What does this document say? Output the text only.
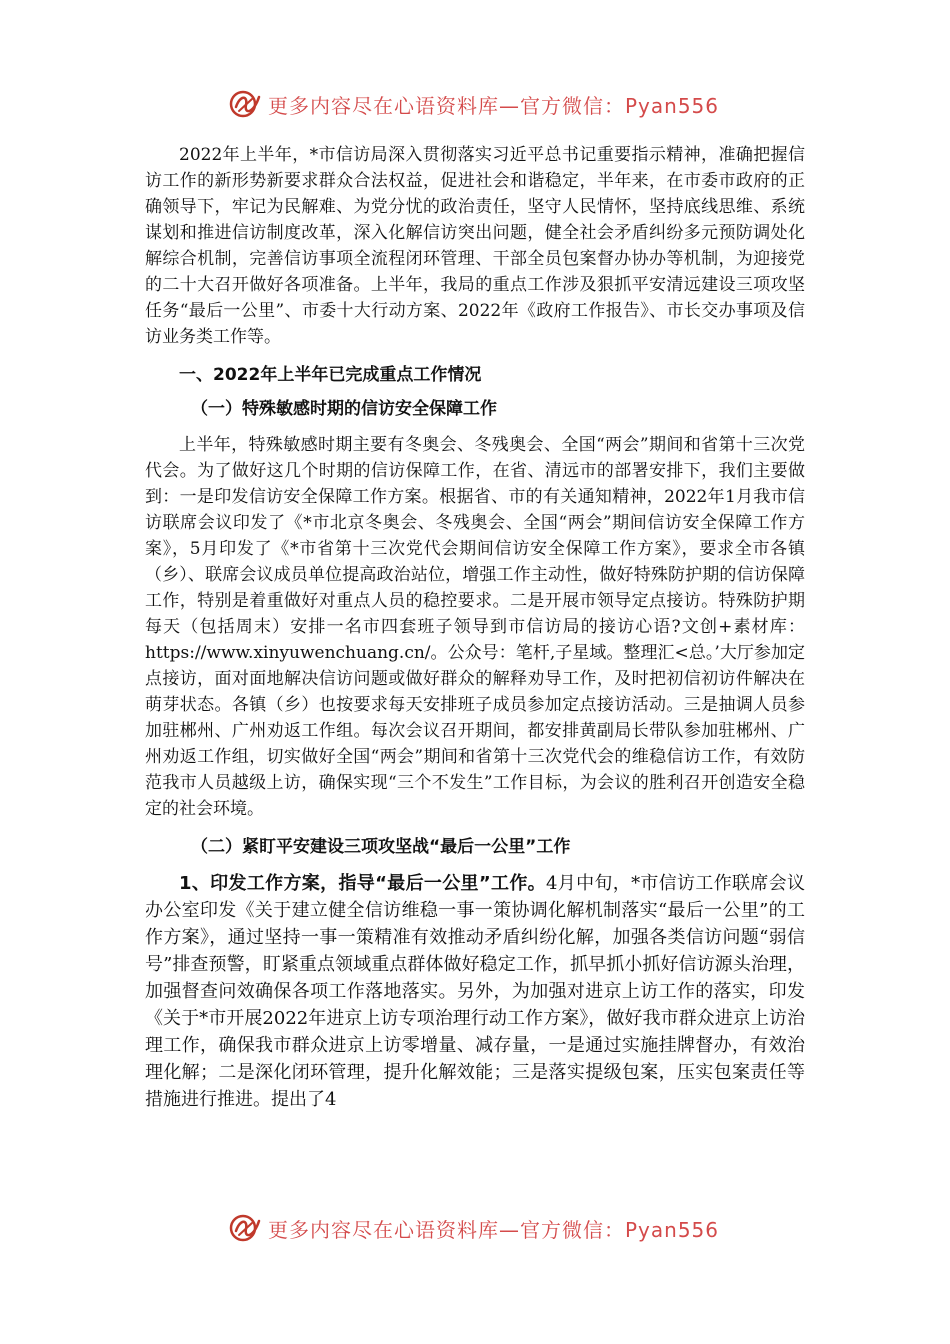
更多内容尽在心语资料库—官方微信：Pyan556

2022年上半年，*市信访局深入贯彻落实习近平总书记重要指示精神，准确把握信访工作的新形势新要求群众合法权益，促进社会和谐稳定，半年来，在市委市政府的正确领导下，牢记为民解难、为党分忧的政治责任，坚守人民情怀，坚持底线思维、系统谋划和推进信访制度改革，深入化解信访突出问题，健全社会矛盾纠纷多元预防调处化解综合机制，完善信访事项全流程闭环管理、干部全员包案督办协办等机制，为迎接党的二十大召开做好各项准备。上半年，我局的重点工作涉及狠抓平安清远建设三项攻坚任务“最后一公里”、市委十大行动方案、2022年《政府工作报告》、市长交办事项及信访业务类工作等。

一、2022年上半年已完成重点工作情况
（一）特殊敏感时期的信访安全保障工作

上半年，特殊敏感时期主要有冬奥会、冬残奥会、全国“两会”期间和省第十三次党代会。为了做好这几个时期的信访保障工作，在省、清远市的部署安排下，我们主要做到：一是印发信访安全保障工作方案。根据省、市的有关通知精神，2022年1月我市信访联席会议印发了《*市北京冬奥会、冬残奥会、全国“两会”期间信访安全保障工作方案》，5月印发了《*市省第十三次党代会期间信访安全保障工作方案》，要求全市各镇（乡）、联席会议成员单位提高政治站位，增强工作主动性，做好特殊防护期的信访保障工作，特别是着重做好对重点人员的稳控要求。二是开展市领导定点接访。特殊防护期每天（包括周末）安排一名市四套班子领导到市信访局的接访心语?文创+素材库：https://www.xinyuwenchuang.cn/。公众号：笔杆,子星域。整理汇<总。’大厅参加定点接访，面对面地解决信访问题或做好群众的解释劝导工作，及时把初信初访件解决在萌芽状态。各镇（乡）也按要求每天安排班子成员参加定点接访活动。三是抽调人员参加驻郴州、广州劝返工作组。每次会议召开期间，都安排黄副局长带队参加驻郴州、广州劝返工作组，切实做好全国“两会”期间和省第十三次党代会的维稳信访工作，有效防范我市人员越级上访，确保实现“三个不发生”工作目标，为会议的胜利召开创造安全稳定的社会环境。

（二）紧盯平安建设三项攻坚战“最后一公里”工作

1、印发工作方案，指导“最后一公里”工作。4月中旬，*市信访工作联席会议办公室印发《关于建立健全信访维稳一事一策协调化解机制落实“最后一公里”的工作方案》，通过坚持一事一策精准有效推动矛盾纠纷化解，加强各类信访问题“弱信号”排查预警，盯紧重点领域重点群体做好稳定工作，抓早抓小抓好信访源头治理，加强督查问效确保各项工作落地落实。另外，为加强对进京上访工作的落实，印发《关于*市开展2022年进京上访专项治理行动工作方案》，做好我市群众进京上访治理工作，确保我市群众进京上访零增量、减存量，一是通过实施挂牌督办，有效治理化解；二是深化闭环管理，提升化解效能；三是落实提级包案，压实包案责任等措施进行推进。提出了4

更多内容尽在心语资料库—官方微信：Pyan556
